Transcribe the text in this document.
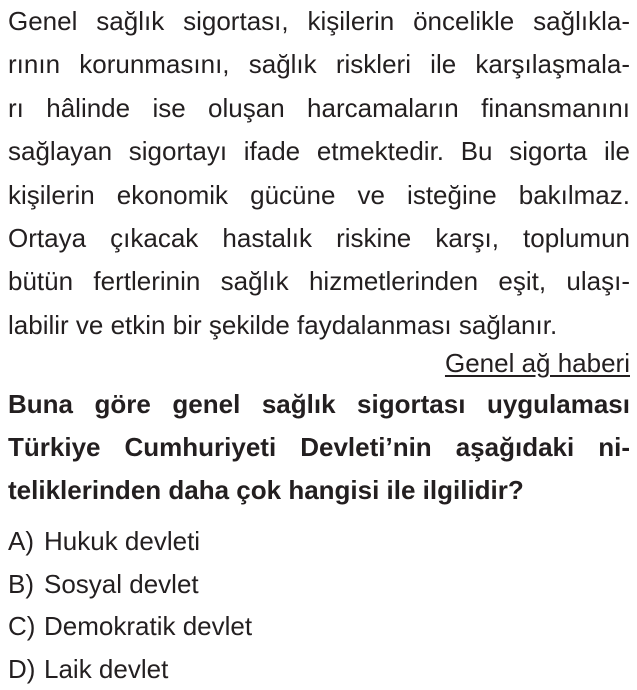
Genel sağlık sigortası, kişilerin öncelikle sağlıkla-
rının korunmasını, sağlık riskleri ile karşılaşmala-
rı hâlinde ise oluşan harcamaların finansmanını
sağlayan sigortayı ifade etmektedir. Bu sigorta ile
kişilerin ekonomik gücüne ve isteğine bakılmaz.
Ortaya çıkacak hastalık riskine karşı, toplumun
bütün fertlerinin sağlık hizmetlerinden eşit, ulaşı-
labilir ve etkin bir şekilde faydalanması sağlanır.
Genel ağ haberi
Buna göre genel sağlık sigortası uygulaması
Türkiye Cumhuriyeti Devleti’nin aşağıdaki ni-
teliklerinden daha çok hangisi ile ilgilidir?
A) Hukuk devleti
B) Sosyal devlet
C) Demokratik devlet
D) Laik devlet
